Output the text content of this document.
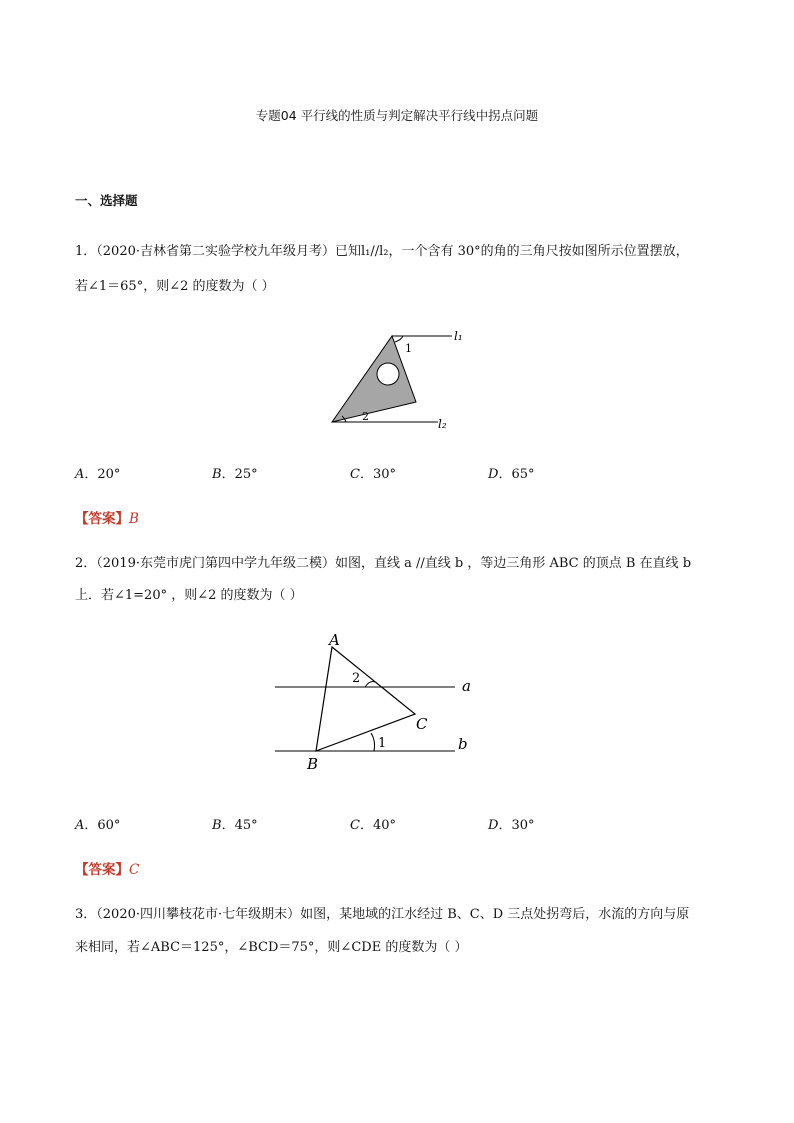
专题04 平行线的性质与判定解决平行线中拐点问题
一、选择题
1．（2020·吉林省第二实验学校九年级月考）已知l₁//l₂，一个含有 30°的角的三角尺按如图所示位置摆放，
若∠1＝65°，则∠2 的度数为（ ）
l₁
l₂
1
2
A．20°	B．25°	C．30°	D．65°
【答案】B
2．（2019·东莞市虎门第四中学九年级二模）如图，直线 a //直线 b ，等边三角形 ABC 的顶点 B 在直线 b
上．若∠1=20° ，则∠2 的度数为（ ）
A
B
C
a
b
2
1
A．60°	B．45°	C．40°	D．30°
【答案】C
3．（2020·四川攀枝花市·七年级期末）如图，某地域的江水经过 B、C、D 三点处拐弯后，水流的方向与原
来相同，若∠ABC＝125°，∠BCD＝75°，则∠CDE 的度数为（ ）
